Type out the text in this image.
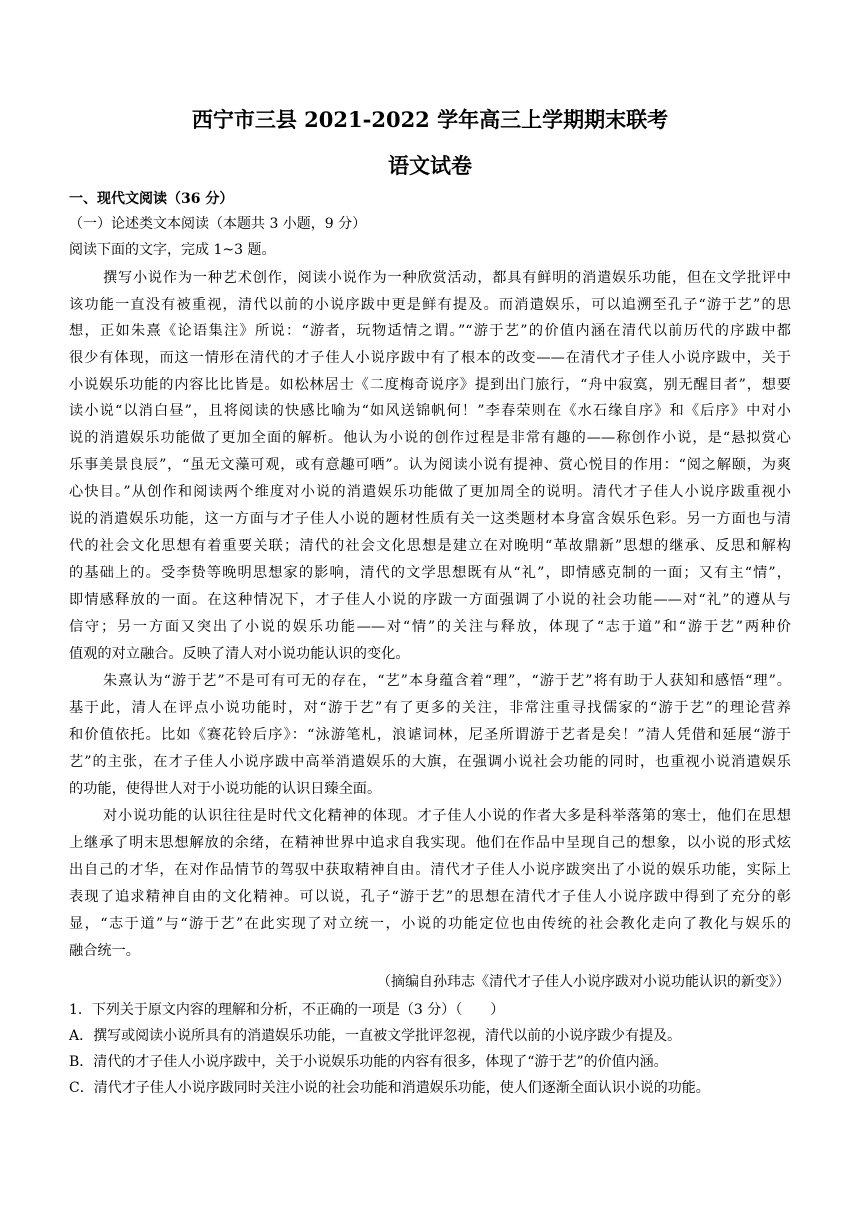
西宁市三县 2021-2022 学年高三上学期期末联考
语文试卷
一、现代文阅读（36 分）
（一）论述类文本阅读（本题共 3 小题，9 分）
阅读下面的文字，完成 1~3 题。
撰写小说作为一种艺术创作，阅读小说作为一种欣赏活动，都具有鲜明的消遣娱乐功能，但在文学批评中
该功能一直没有被重视，清代以前的小说序跋中更是鲜有提及。而消遣娱乐，可以追溯至孔子“游于艺”的思
想，正如朱熹《论语集注》所说：“游者，玩物适情之谓。”“游于艺”的价值内涵在清代以前历代的序跋中都
很少有体现，而这一情形在清代的才子佳人小说序跋中有了根本的改变——在清代才子佳人小说序跋中，关于
小说娱乐功能的内容比比皆是。如松林居士《二度梅奇说序》提到出门旅行，“舟中寂寞，别无醒目者”，想要
读小说“以消白昼”，且将阅读的快感比喻为“如风送锦帆何！”李春荣则在《水石缘自序》和《后序》中对小
说的消遣娱乐功能做了更加全面的解析。他认为小说的创作过程是非常有趣的——称创作小说，是“悬拟赏心
乐事美景良辰”，“虽无文藻可观，或有意趣可哂”。认为阅读小说有提神、赏心悦目的作用：“阅之解颐，为爽
心快目。”从创作和阅读两个维度对小说的消遣娱乐功能做了更加周全的说明。清代才子佳人小说序跋重视小
说的消遣娱乐功能，这一方面与才子佳人小说的题材性质有关一这类题材本身富含娱乐色彩。另一方面也与清
代的社会文化思想有着重要关联；清代的社会文化思想是建立在对晚明“革故鼎新”思想的继承、反思和解构
的基础上的。受李贽等晚明思想家的影响，清代的文学思想既有从“礼”，即情感克制的一面；又有主“情”，
即情感释放的一面。在这种情况下，才子佳人小说的序跋一方面强调了小说的社会功能——对“礼”的遵从与
信守；另一方面又突出了小说的娱乐功能——对“情”的关注与释放，体现了“志于道”和“游于艺”两种价
值观的对立融合。反映了清人对小说功能认识的变化。
朱熹认为“游于艺”不是可有可无的存在，“艺”本身蕴含着“理”，“游于艺”将有助于人获知和感悟“理”。
基于此，清人在评点小说功能时，对“游于艺”有了更多的关注，非常注重寻找儒家的“游于艺”的理论营养
和价值依托。比如《赛花铃后序》：“泳游笔札，浪谑词林，尼圣所谓游于艺者是矣！”清人凭借和延展“游于
艺”的主张，在才子佳人小说序跋中高举消遣娱乐的大旗，在强调小说社会功能的同时，也重视小说消遣娱乐
的功能，使得世人对于小说功能的认识日臻全面。
对小说功能的认识往往是时代文化精神的体现。才子佳人小说的作者大多是科举落第的寒士，他们在思想
上继承了明末思想解放的余绪，在精神世界中追求自我实现。他们在作品中呈现自己的想象，以小说的形式炫
出自己的才华，在对作品情节的驾驭中获取精神自由。清代才子佳人小说序跋突出了小说的娱乐功能，实际上
表现了追求精神自由的文化精神。可以说，孔子“游于艺”的思想在清代才子佳人小说序跋中得到了充分的彰
显，“志于道”与“游于艺”在此实现了对立统一，小说的功能定位也由传统的社会教化走向了教化与娱乐的
融合统一。
（摘编自孙玮志《清代才子佳人小说序跋对小说功能认识的新变》）
1．下列关于原文内容的理解和分析，不正确的一项是（3 分）（　　）
A．撰写或阅读小说所具有的消遣娱乐功能，一直被文学批评忽视，清代以前的小说序跋少有提及。
B．清代的才子佳人小说序跋中，关于小说娱乐功能的内容有很多，体现了“游于艺”的价值内涵。
C．清代才子佳人小说序跋同时关注小说的社会功能和消遣娱乐功能，使人们逐渐全面认识小说的功能。
